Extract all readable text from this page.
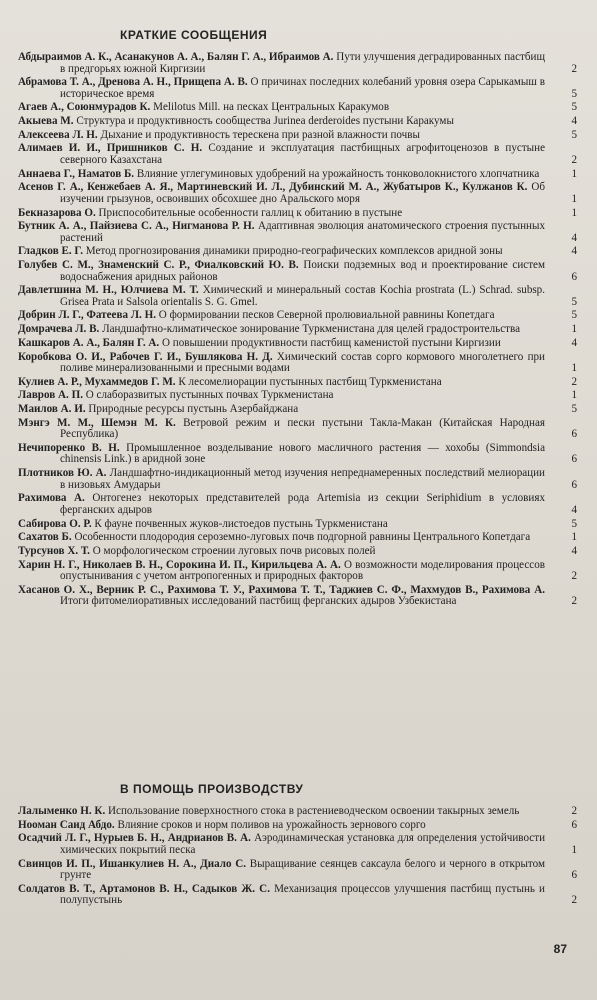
КРАТКИЕ СООБЩЕНИЯ
Абдыраимов А. К., Асанакунов А. А., Балян Г. А., Ибраимов А. Пути улучшения деградированных пастбищ в предгорьях южной Киргизии	2
Абрамова Т. А., Дренова А. Н., Прищепа А. В. О причинах последних колебаний уровня озера Сарыкамыш в историческое время	5
Агаев А., Союнмурадов К. Melilotus Mill. на песках Центральных Каракумов	5
Акыева М. Структура и продуктивность сообщества Jurinea derderoides пустыни Каракумы	4
Алексеева Л. Н. Дыхание и продуктивность терескена при разной влажности почвы	5
Алимаев И. И., Пришников С. Н. Создание и эксплуатация пастбищных агрофитоценозов в пустыне северного Казахстана	2
Аннаева Г., Наматов Б. Влияние углегуминовых удобрений на урожайность тонковолокнистого хлопчатника	1
Асенов Г. А., Кенжебаев А. Я., Мартиневский И. Л., Дубинский М. А., Жубатыров К., Кулжанов К. Об изучении грызунов, освоивших обсохшее дно Аральского моря	1
Бекназарова О. Приспособительные особенности галлиц к обитанию в пустыне	1
Бутник А. А., Пайзиева С. А., Нигманова Р. Н. Адаптивная эволюция анатомического строения пустынных растений	4
Гладков Е. Г. Метод прогнозирования динамики природно-географических комплексов аридной зоны	4
Голубев С. М., Знаменский С. Р., Фиалковский Ю. В. Поиски подземных вод и проектирование систем водоснабжения аридных районов	6
Давлетшина М. Н., Юлчиева М. Т. Химический и минеральный состав Kochia prostrata (L.) Schrad. subsp. Grisea Prata и Salsola orientalis S. G. Gmel.	5
Добрин Л. Г., Фатеева Л. Н. О формировании песков Северной пролювиальной равнины Копетдага	5
Домрачева Л. В. Ландшафтно-климатическое зонирование Туркменистана для целей градостроительства	1
Кашкаров А. А., Балян Г. А. О повышении продуктивности пастбищ каменистой пустыни Киргизии	4
Коробкова О. И., Рабочев Г. И., Бушлякова Н. Д. Химический состав сорго кормового многолетнего при поливе минерализованными и пресными водами	1
Кулиев А. Р., Мухаммедов Г. М. К лесомелиорации пустынных пастбищ Туркменистана	2
Лавров А. П. О слаборазвитых пустынных почвах Туркменистана	1
Маилов А. И. Природные ресурсы пустынь Азербайджана	5
Мэнгэ М. М., Шемэн М. К. Ветровой режим и пески пустыни Такла-Макан (Китайская Народная Республика)	6
Нечипоренко В. Н. Промышленное возделывание нового масличного растения — хохобы (Simmondsia chinensis Link.) в аридной зоне	6
Плотников Ю. А. Ландшафтно-индикационный метод изучения непреднамеренных последствий мелиорации в низовьях Амударьи	6
Рахимова А. Онтогенез некоторых представителей рода Artemisia из секции Seriphidium в условиях ферганских адыров	4
Сабирова О. Р. К фауне почвенных жуков-листоедов пустынь Туркменистана	5
Сахатов Б. Особенности плодородия сероземно-луговых почв подгорной равнины Центрального Копетдага	1
Турсунов Х. Т. О морфологическом строении луговых почв рисовых полей	4
Харин Н. Г., Николаев В. Н., Сорокина И. П., Кирильцева А. А. О возможности моделирования процессов опустынивания с учетом антропогенных и природных факторов	2
Хасанов О. Х., Верник Р. С., Рахимова Т. У., Рахимова Т. Т., Таджиев С. Ф., Махмудов В., Рахимова А. Итоги фитомелиоративных исследований пастбищ ферганских адыров Узбекистана	2
В ПОМОЩЬ ПРОИЗВОДСТВУ
Лалыменко Н. К. Использование поверхностного стока в растениеводческом освоении такырных земель	2
Нооман Саид Абдо. Влияние сроков и норм поливов на урожайность зернового сорго	6
Осадчий Л. Г., Нурыев Б. Н., Андрианов В. А. Аэродинамическая установка для определения устойчивости химических покрытий песка	1
Свинцов И. П., Ишанкулиев Н. А., Диало С. Выращивание сеянцев саксаула белого и черного в открытом грунте	6
Солдатов В. Т., Артамонов В. Н., Садыков Ж. С. Механизация процессов улучшения пастбищ пустынь и полупустынь	2
87
